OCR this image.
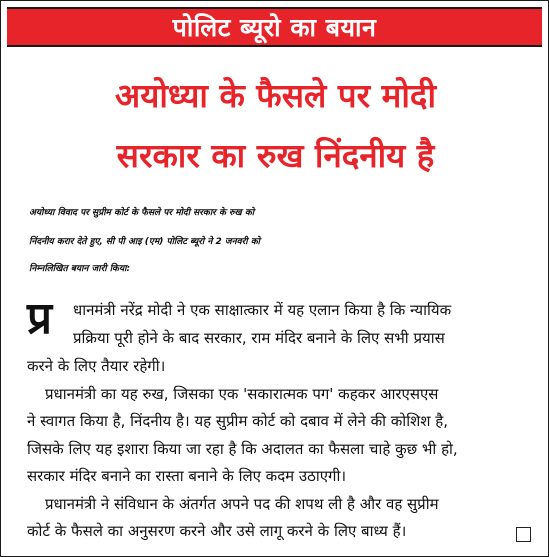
पोलिट ब्यूरो का बयान
अयोध्या के फैसले पर मोदी
सरकार का रुख निंदनीय है
अयोध्या विवाद पर सुप्रीम कोर्ट के फैसले पर मोदी सरकार के रुख को
निंदनीय करार देते हुए, सी पी आइ (एम) पोलिट ब्यूरो ने 2 जनवरी को
निम्नलिखित बयान जारी किया:
प्र धानमंत्री नरेंद्र मोदी ने एक साक्षात्कार में यह एलान किया है कि न्यायिक
प्रक्रिया पूरी होने के बाद सरकार, राम मंदिर बनाने के लिए सभी प्रयास
करने के लिए तैयार रहेगी।
प्रधानमंत्री का यह रुख, जिसका एक 'सकारात्मक पग' कहकर आरएसएस
ने स्वागत किया है, निंदनीय है। यह सुप्रीम कोर्ट को दबाव में लेने की कोशिश है,
जिसके लिए यह इशारा किया जा रहा है कि अदालत का फैसला चाहे कुछ भी हो,
सरकार मंदिर बनाने का रास्ता बनाने के लिए कदम उठाएगी।
प्रधानमंत्री ने संविधान के अंतर्गत अपने पद की शपथ ली है और वह सुप्रीम
कोर्ट के फैसले का अनुसरण करने और उसे लागू करने के लिए बाध्य हैं।
